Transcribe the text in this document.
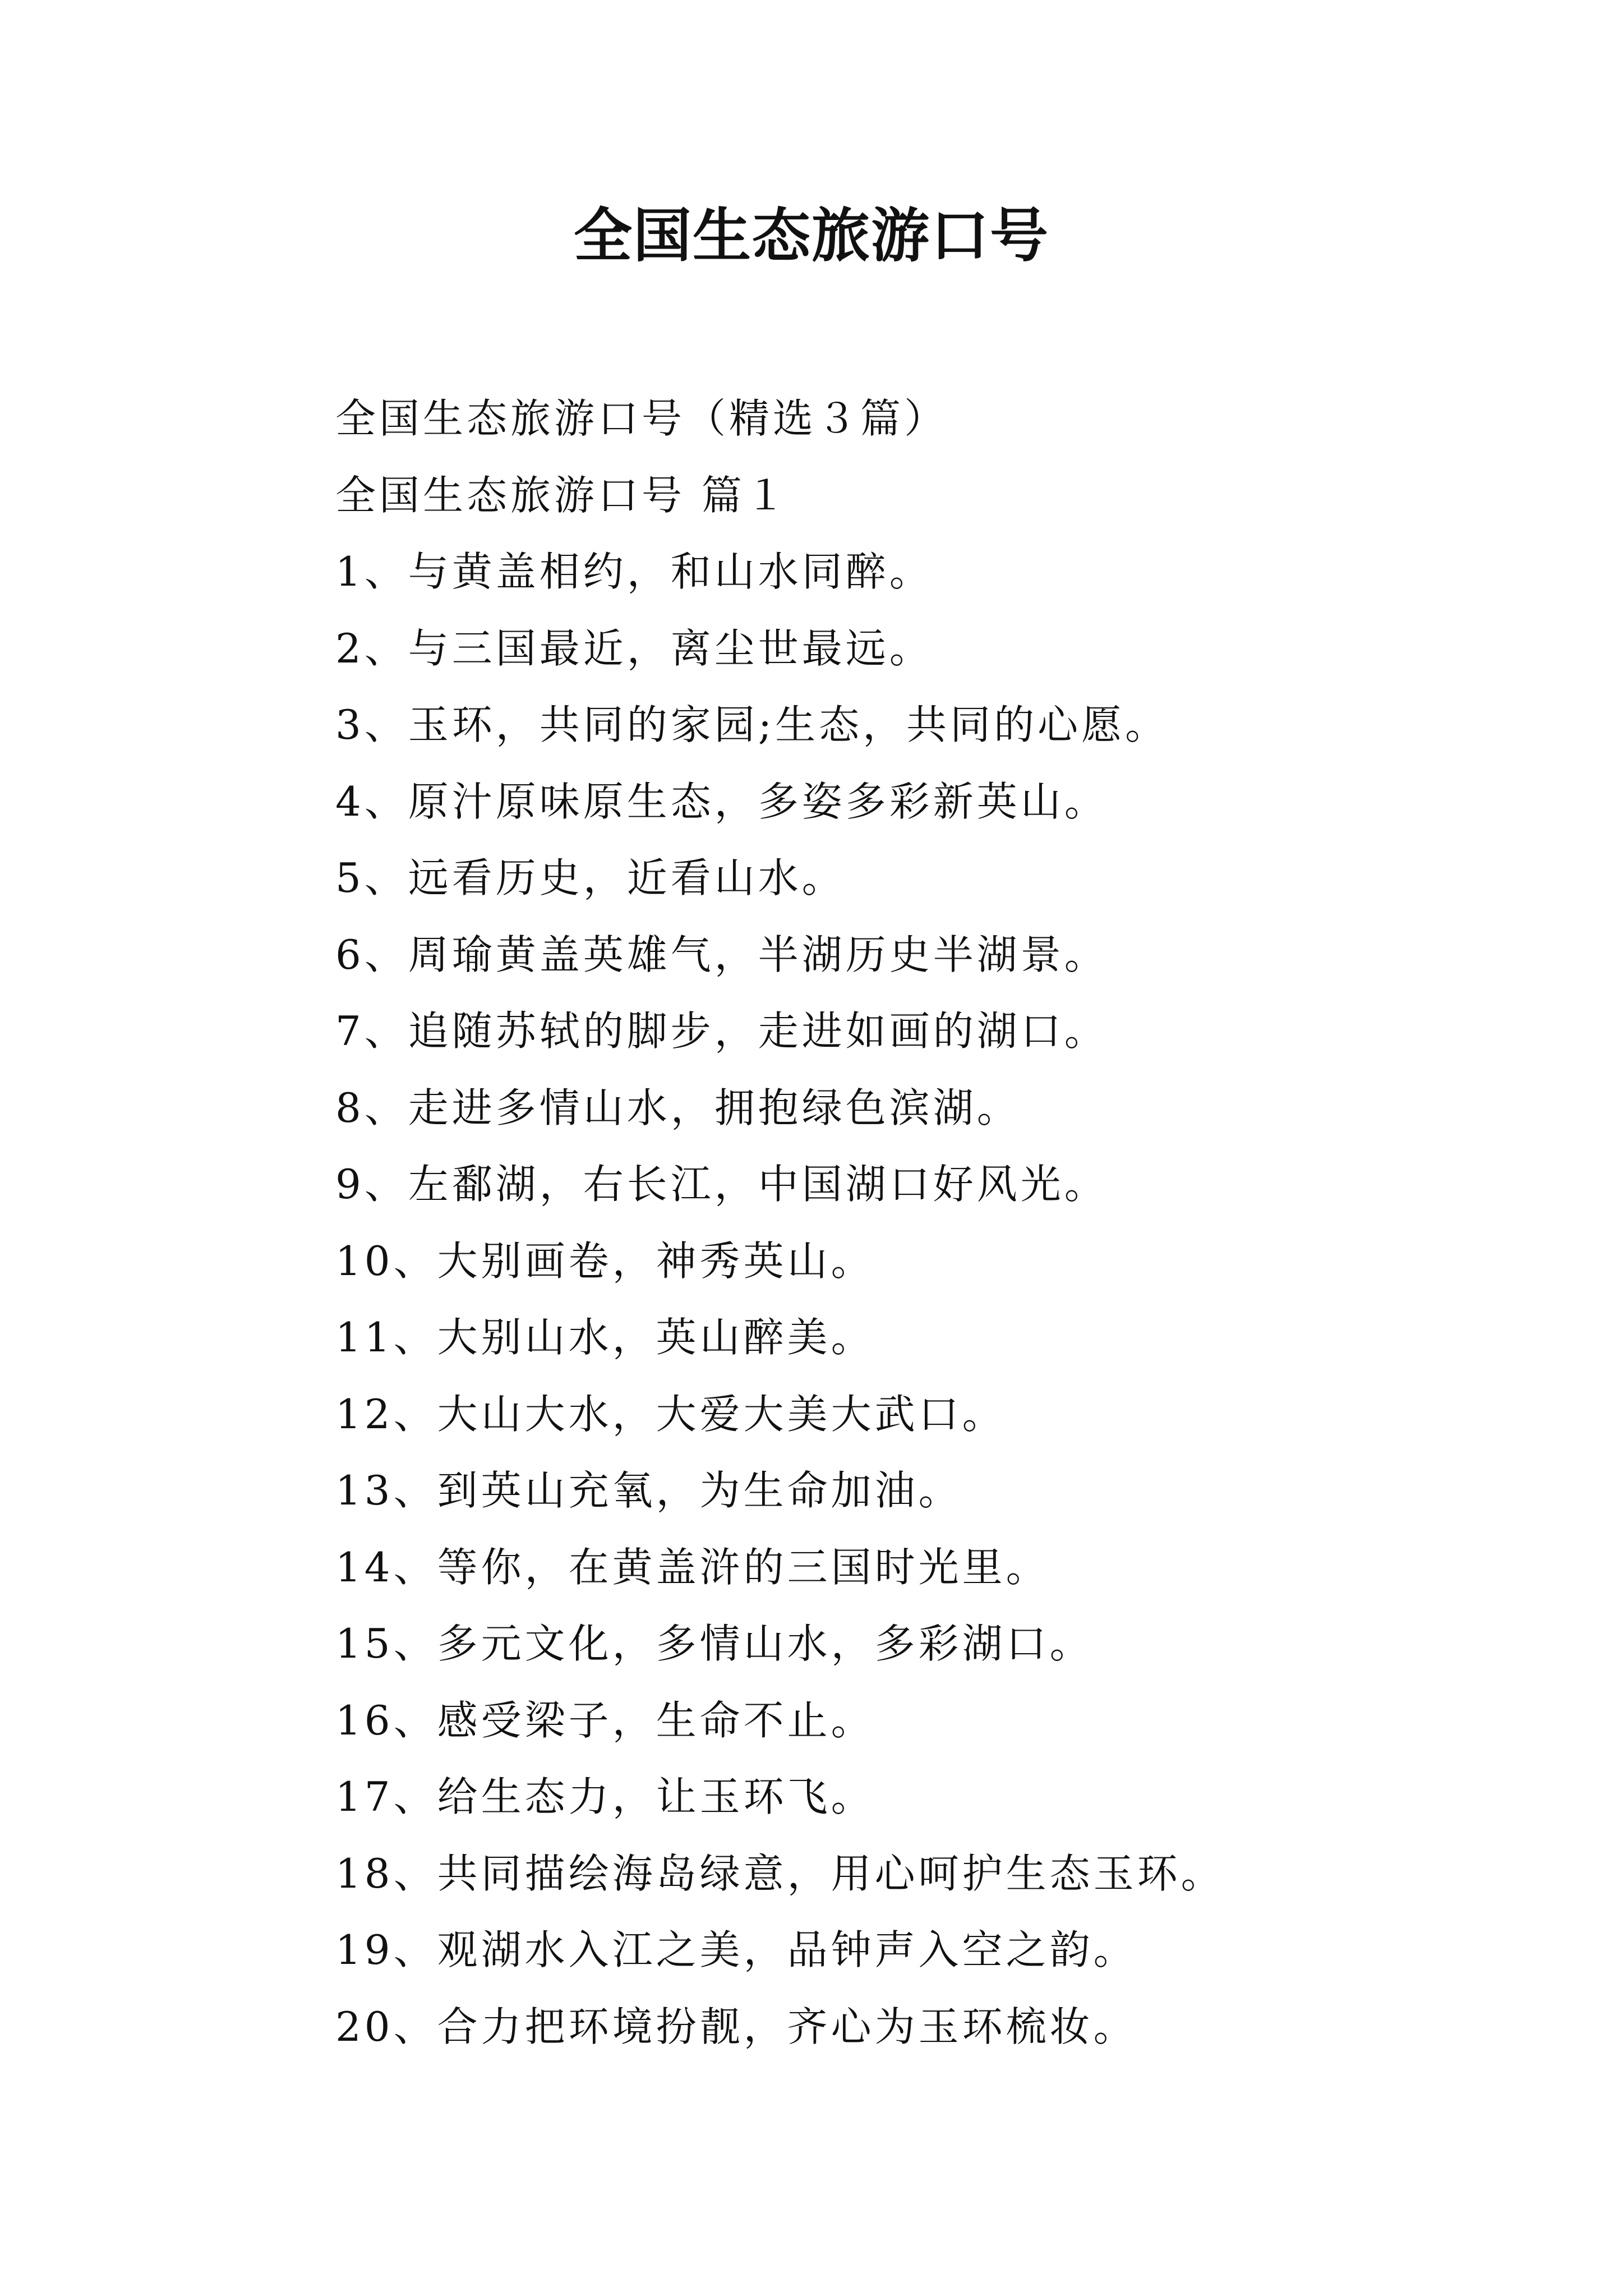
全国生态旅游口号
全国生态旅游口号（精选３篇）
全国生态旅游口号 篇１
1、与黄盖相约，和山水同醉。
2、与三国最近，离尘世最远。
3、玉环，共同的家园;生态，共同的心愿。
4、原汁原味原生态，多姿多彩新英山。
5、远看历史，近看山水。
6、周瑜黄盖英雄气，半湖历史半湖景。
7、追随苏轼的脚步，走进如画的湖口。
8、走进多情山水，拥抱绿色滨湖。
9、左鄱湖，右长江，中国湖口好风光。
10、大别画卷，神秀英山。
11、大别山水，英山醉美。
12、大山大水，大爱大美大武口。
13、到英山充氧，为生命加油。
14、等你，在黄盖浒的三国时光里。
15、多元文化，多情山水，多彩湖口。
16、感受梁子，生命不止。
17、给生态力，让玉环飞。
18、共同描绘海岛绿意，用心呵护生态玉环。
19、观湖水入江之美，品钟声入空之韵。
20、合力把环境扮靓，齐心为玉环梳妆。
